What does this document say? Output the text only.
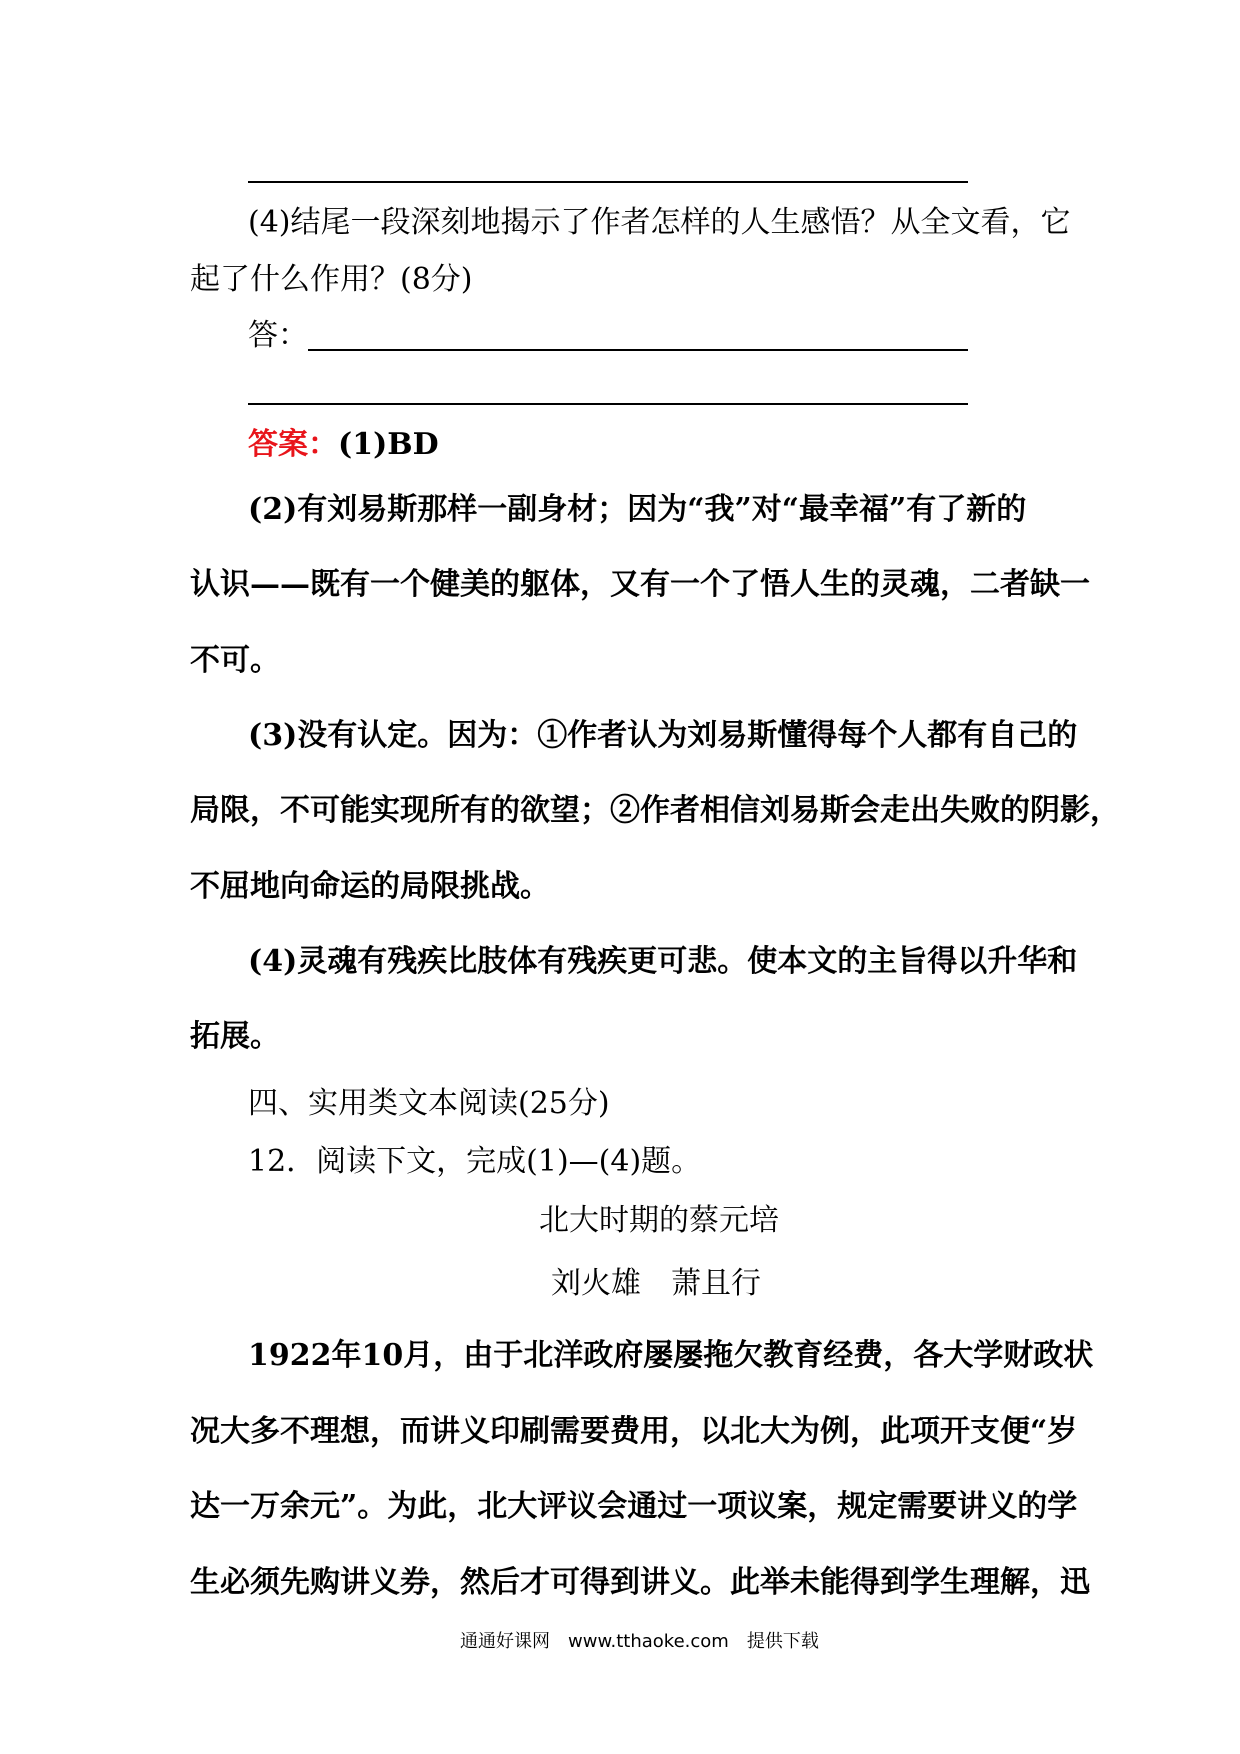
(4)结尾一段深刻地揭示了作者怎样的人生感悟？从全文看，它
起了什么作用？(8分)
答：
答案：(1)BD
(2)有刘易斯那样一副身材；因为“我”对“最幸福”有了新的
认识——既有一个健美的躯体，又有一个了悟人生的灵魂，二者缺一
不可。
(3)没有认定。因为：①作者认为刘易斯懂得每个人都有自己的
局限，不可能实现所有的欲望；②作者相信刘易斯会走出失败的阴影，
不屈地向命运的局限挑战。
(4)灵魂有残疾比肢体有残疾更可悲。使本文的主旨得以升华和
拓展。
四、实用类文本阅读(25分)
12．阅读下文，完成(1)—(4)题。
北大时期的蔡元培
刘火雄　萧且行
1922年10月，由于北洋政府屡屡拖欠教育经费，各大学财政状
况大多不理想，而讲义印刷需要费用，以北大为例，此项开支便“岁
达一万余元”。为此，北大评议会通过一项议案，规定需要讲义的学
生必须先购讲义券，然后才可得到讲义。此举未能得到学生理解，迅
通通好课网　www.tthaoke.com　提供下载
